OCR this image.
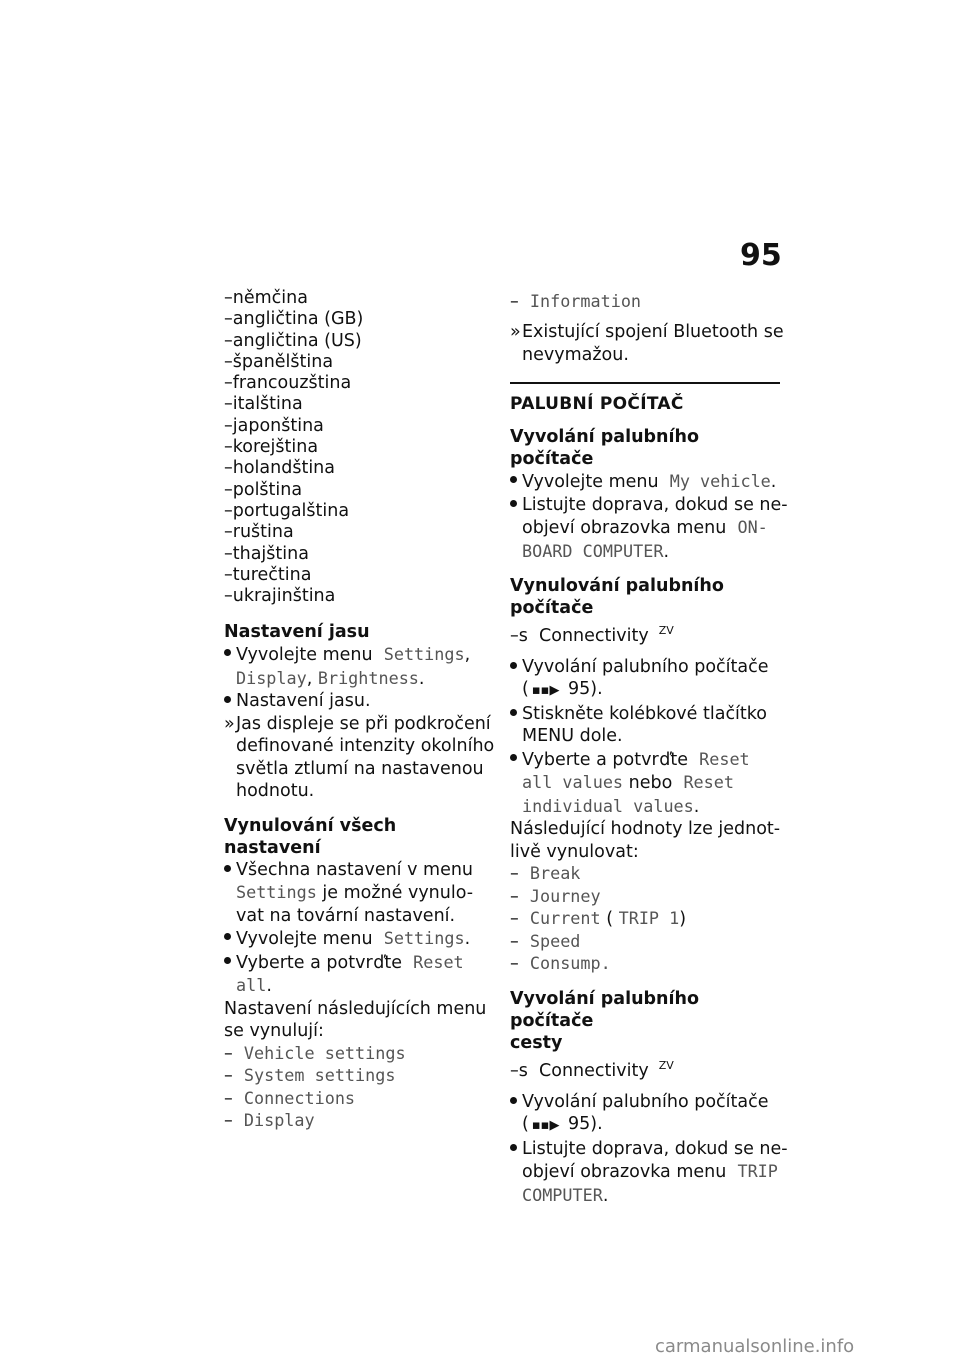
95

–němčina

–angličtina (GB)

–angličtina (US)

–španělština

–francouzština

–italština

–japonština

–korejština

–holandština

–polština

–portugalština

–ruština

–thajština

–turečtina

–ukrajinština

Nastavení jasu
Vyvolejte menu Settings,
Display, Brightness.
Nastavení jasu.
» Jas displeje se při podkročení
definované intenzity okolního
světla ztlumí na nastavenou
hodnotu.
Vynulování všech nastavení
Všechna nastavení v menu
Settings je možné vynulo-
vat na tovární nastavení.
Vyvolejte menu Settings.
Vyberte a potvrďte Reset
all.

Nastavení následujících menu

se vynulují:

–  Vehicle settings

–  System settings

–  Connections

–  Display

–  Information

» Existující spojení Bluetooth se
nevymažou.
PALUBNÍ POČÍTAČ
Vyvolání palubního počítače
Vyvolejte menu My vehicle.
Listujte doprava, dokud se ne-
objeví obrazovka menu ON-
BOARD COMPUTER.
Vynulování palubního počítače

–s Connectivity $^{ZV}$

Vyvolání palubního počítače
( ▪▪▶ 95).
Stiskněte kolébkové tlačítko
MENU dole.
Vyberte a potvrďte Reset
all values nebo Reset
individual values.

Následující hodnoty lze jednot-

livě vynulovat:

–  Break

–  Journey

–  Current ( TRIP 1)

–  Speed

–  Consump.

Vyvolání palubního počítače
cesty

–s Connectivity $^{ZV}$

Vyvolání palubního počítače
( ▪▪▶ 95).
Listujte doprava, dokud se ne-
objeví obrazovka menu TRIP
COMPUTER.
carmanualsonline.info
